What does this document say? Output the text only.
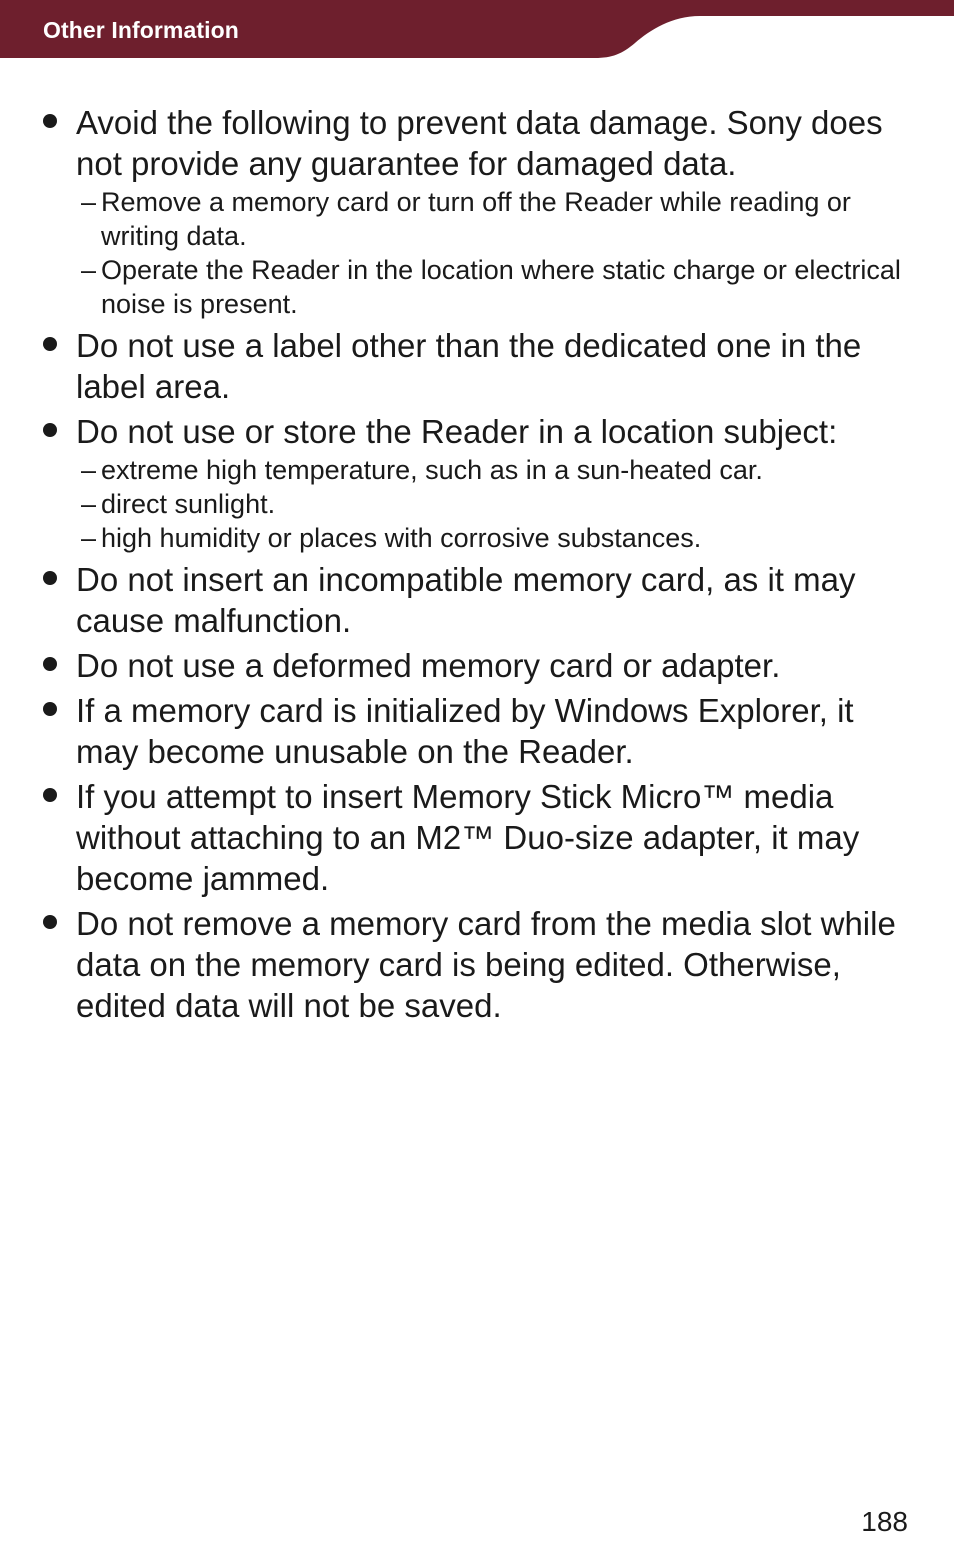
Other Information
Avoid the following to prevent data damage. Sony does not provide any guarantee for damaged data.
– Remove a memory card or turn off the Reader while reading or writing data.
– Operate the Reader in the location where static charge or electrical noise is present.
Do not use a label other than the dedicated one in the label area.
Do not use or store the Reader in a location subject:
– extreme high temperature, such as in a sun-heated car.
– direct sunlight.
– high humidity or places with corrosive substances.
Do not insert an incompatible memory card, as it may cause malfunction.
Do not use a deformed memory card or adapter.
If a memory card is initialized by Windows Explorer, it may become unusable on the Reader.
If you attempt to insert Memory Stick Micro™ media without attaching to an M2™ Duo-size adapter, it may become jammed.
Do not remove a memory card from the media slot while data on the memory card is being edited. Otherwise, edited data will not be saved.
188
